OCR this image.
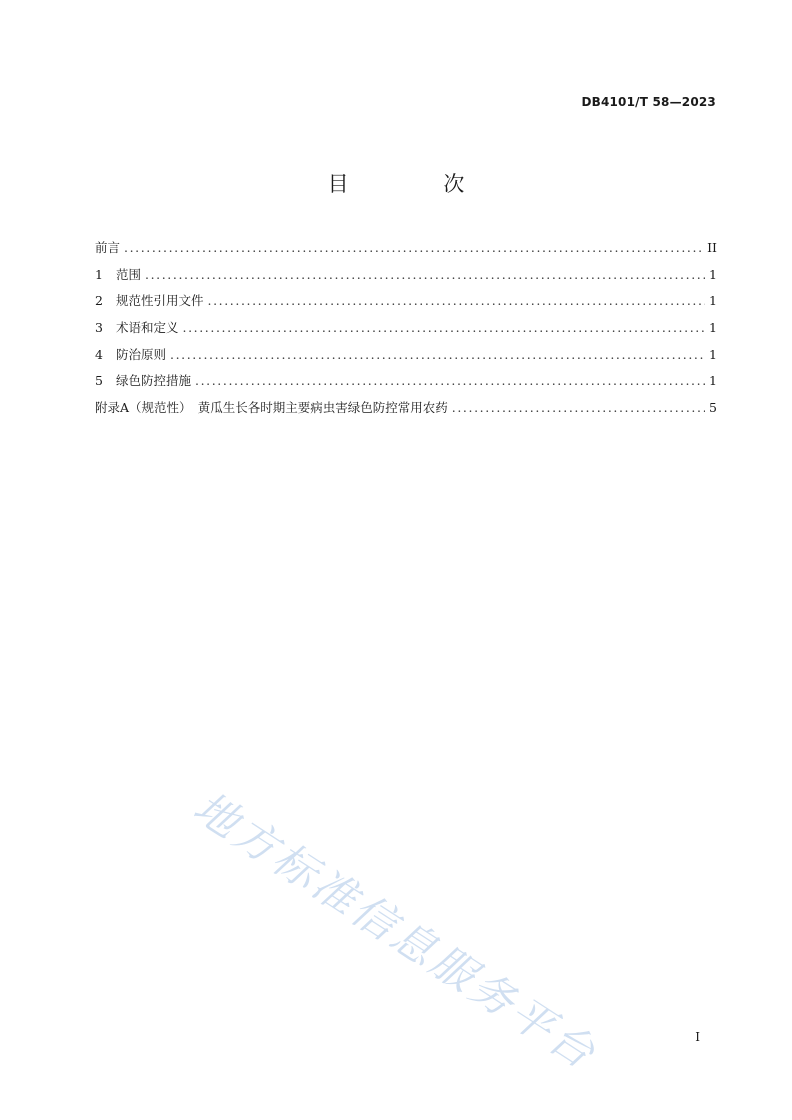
DB4101/T 58—2023
目 次
前言 .....	II
1	范围 .....	1
2	规范性引用文件 .....	1
3	术语和定义 .....	1
4	防治原则 .....	1
5	绿色防控措施 .....	1
附录A（规范性）　黄瓜生长各时期主要病虫害绿色防控常用农药 .....	5
地方标准信息服务平台	I
